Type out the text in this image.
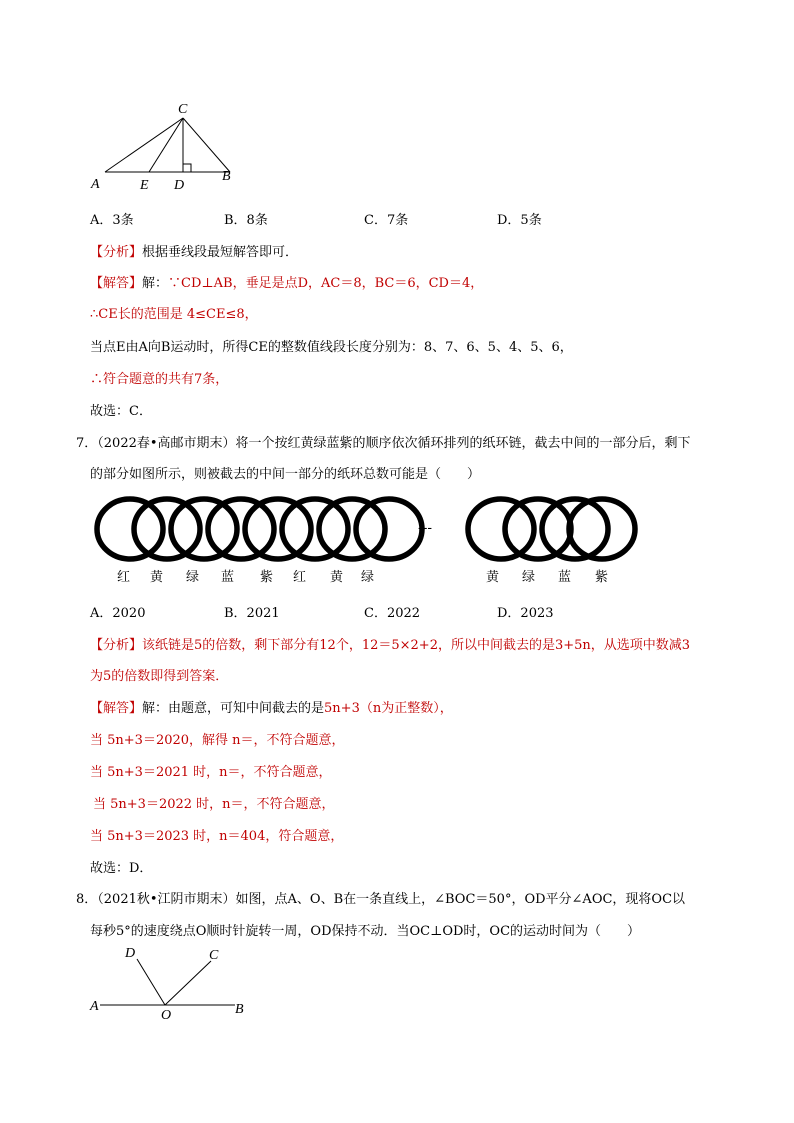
C
A	E D
B
A．3条	B．8条	C．7条	D．5条
【分析】根据垂线段最短解答即可．
【解答】解：∵CD⊥AB，垂足是点D，AC＝8，BC＝6，CD＝4，
∴CE长的范围是 4≤CE≤8，
当点E由A向B运动时，所得CE的整数值线段长度分别为：8、7、6、5、4、5、6，
∴符合题意的共有7条，
故选：C．
7．（2022春•高邮市期末）将一个按红黄绿蓝紫的顺序依次循环排列的纸环链，截去中间的一部分后，剩下
的部分如图所示，则被截去的中间一部分的纸环总数可能是（　　）
---
红 黄 绿 蓝 紫 红 黄 绿	黄 绿 蓝 紫
A．2020	B．2021	C．2022	D．2023
【分析】该纸链是5的倍数，剩下部分有12个，12＝5×2+2，所以中间截去的是3+5n，从选项中数减3
为5的倍数即得到答案．
【解答】解：由题意，可知中间截去的是5n+3（n为正整数），
当 5n+3＝2020，解得 n＝，不符合题意，
当 5n+3＝2021 时，n＝，不符合题意，
当 5n+3＝2022 时，n＝，不符合题意，
当 5n+3＝2023 时，n＝404，符合题意，
故选：D．
8．（2021秋•江阴市期末）如图，点A、O、B在一条直线上，∠BOC＝50°，OD平分∠AOC，现将OC以
每秒5°的速度绕点O顺时针旋转一周，OD保持不动．当OC⊥OD时，OC的运动时间为（　　）
D	C
A
O	B
